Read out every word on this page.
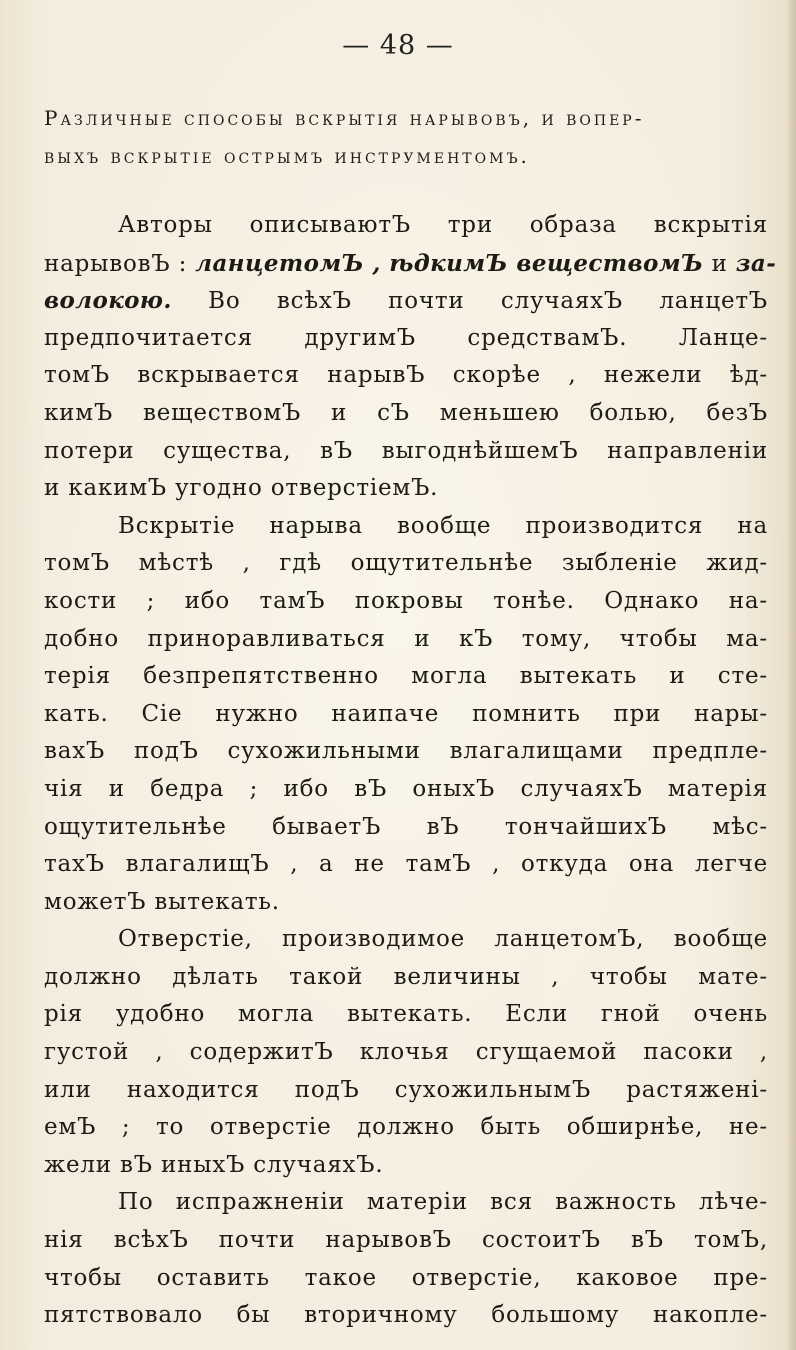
— 48 —
Различные способы вскрытія нарывовъ, и вопер-
выхъ вскрытіе острымъ инструментомъ.
Авторы описываютЪ три образа вскрытія
нарывовЪ : ланцетомЪ , ѣдкимЪ веществомЪ и за-
волокою. Во всѣхЪ почти случаяхЪ ланцетЪ
предпочитается другимЪ средствамЪ. Ланце-
томЪ вскрывается нарывЪ скорѣе , нежели ѣд-
кимЪ веществомЪ и сЪ меньшею болью, безЪ
потери существа, вЪ выгоднѣйшемЪ направленіи
и какимЪ угодно отверстіемЪ.
Вскрытіе нарыва вообще производится на
томЪ мѣстѣ , гдѣ ощутительнѣе зыбленіе жид-
кости ; ибо тамЪ покровы тонѣе. Однако на-
добно приноравливаться и кЪ тому, чтобы ма-
терія безпрепятственно могла вытекать и сте-
кать. Сіе нужно наипаче помнить при нары-
вахЪ подЪ сухожильными влагалищами предпле-
чія и бедра ; ибо вЪ оныхЪ случаяхЪ матерія
ощутительнѣе бываетЪ вЪ тончайшихЪ мѣс-
тахЪ влагалищЪ , а не тамЪ , откуда она легче
можетЪ вытекать.
Отверстіе, производимое ланцетомЪ, вообще
должно дѣлать такой величины , чтобы мате-
рія удобно могла вытекать. Если гной очень
густой , содержитЪ клочья сгущаемой пасоки ,
или находится подЪ сухожильнымЪ растяжені-
емЪ ; то отверстіе должно быть обширнѣе, не-
жели вЪ иныхЪ случаяхЪ.
По испражненіи матеріи вся важность лѣче-
нія всѣхЪ почти нарывовЪ состоитЪ вЪ томЪ,
чтобы оставить такое отверстіе, каковое пре-
пятствовало бы вторичному большому накопле-
